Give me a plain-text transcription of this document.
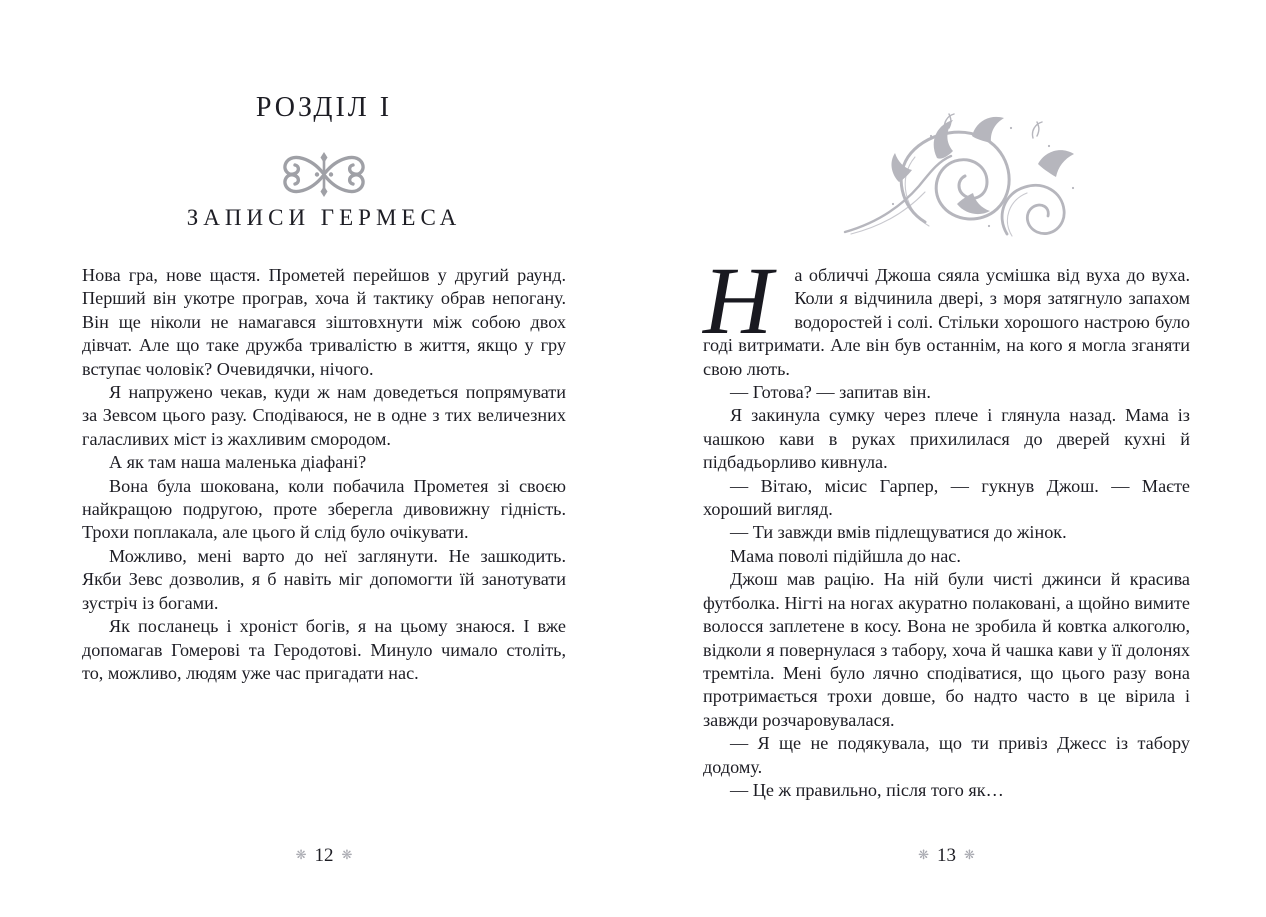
РОЗДІЛ І
ЗАПИСИ ГЕРМЕСА

Нова гра, нове щастя. Прометей перейшов у другий раунд. Перший він укотре програв, хоча й тактику обрав непогану. Він ще ніколи не намагався зіштовхнути між собою двох дівчат. Але що таке дружба тривалістю в життя, якщо у гру вступає чоловік? Очевидячки, нічого.

Я напружено чекав, куди ж нам доведеться попрямувати за Зевсом цього разу. Сподіваюся, не в одне з тих величезних галасливих міст із жахливим смородом.

А як там наша маленька діафані?

Вона була шокована, коли побачила Прометея зі своєю найкращою подругою, проте зберегла дивовижну гідність. Трохи поплакала, але цього й слід було очікувати.

Можливо, мені варто до неї заглянути. Не зашкодить. Якби Зевс дозволив, я б навіть міг допомогти їй занотувати зустріч із богами.

Як посланець і хроніст богів, я на цьому знаюся. І вже допомагав Гомерові та Геродотові. Минуло чимало століть, то, можливо, людям уже час пригадати нас.

❋ 12 ❋

Н	а обличчі Джоша сяяла усмішка від вуха до вуха. Коли я відчинила двері, з моря затягнуло запахом водоростей і солі. Стільки хорошого настрою було годі витримати. Але він був останнім, на кого я могла зганяти свою лють.

— Готова? — запитав він.

Я закинула сумку через плече і глянула назад. Мама із чашкою кави в руках прихилилася до дверей кухні й підбадьорливо кивнула.

— Вітаю, місис Гарпер, — гукнув Джош. — Маєте хороший вигляд.

— Ти завжди вмів підлещуватися до жінок.

Мама поволі підійшла до нас.

Джош мав рацію. На ній були чисті джинси й красива футболка. Нігті на ногах акуратно полаковані, а щойно вимите волосся заплетене в косу. Вона не зробила й ковтка алкоголю, відколи я повернулася з табору, хоча й чашка кави у її долонях тремтіла. Мені було лячно сподіватися, що цього разу вона протримається трохи довше, бо надто часто в це вірила і завжди розчаровувалася.

— Я ще не подякувала, що ти привіз Джесс із табору додому.

— Це ж правильно, після того як…

❋ 13 ❋
